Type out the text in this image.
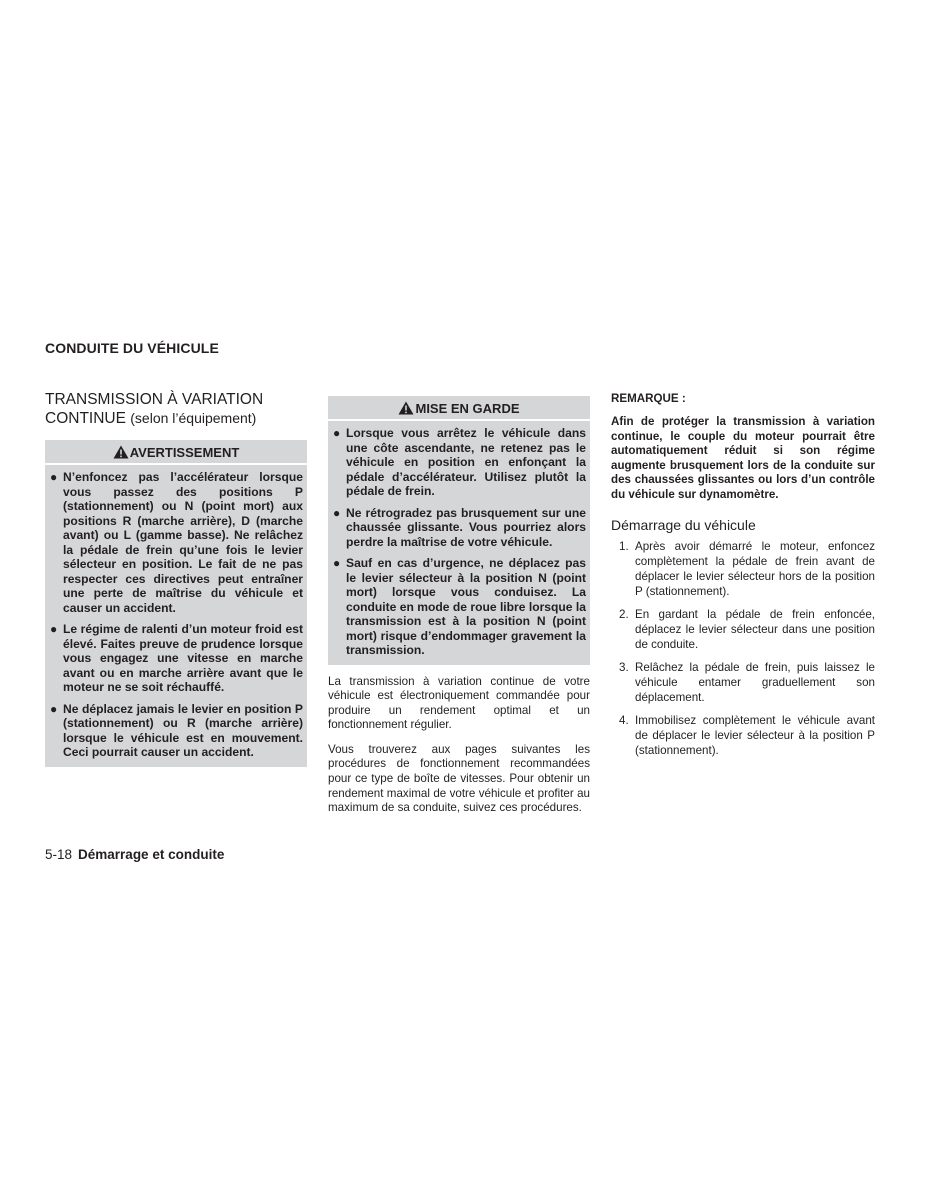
CONDUITE DU VÉHICULE
TRANSMISSION À VARIATION
CONTINUE (selon l’équipement)
AVERTISSEMENT
● N’enfoncez pas l’accélérateur lorsque vous passez des positions P (stationnement) ou N (point mort) aux positions R (marche arrière), D (marche avant) ou L (gamme basse). Ne relâchez la pédale de frein qu’une fois le levier sélecteur en position. Le fait de ne pas respecter ces directives peut entraîner une perte de maîtrise du véhicule et causer un accident.
● Le régime de ralenti d’un moteur froid est élevé. Faites preuve de prudence lorsque vous engagez une vitesse en marche avant ou en marche arrière avant que le moteur ne se soit réchauffé.
● Ne déplacez jamais le levier en position P (stationnement) ou R (marche arrière) lorsque le véhicule est en mouvement. Ceci pourrait causer un accident.
MISE EN GARDE
● Lorsque vous arrêtez le véhicule dans une côte ascendante, ne retenez pas le véhicule en position en enfonçant la pédale d’accélérateur. Utilisez plutôt la pédale de frein.
● Ne rétrogradez pas brusquement sur une chaussée glissante. Vous pourriez alors perdre la maîtrise de votre véhicule.
● Sauf en cas d’urgence, ne déplacez pas le levier sélecteur à la position N (point mort) lorsque vous conduisez. La conduite en mode de roue libre lorsque la transmission est à la position N (point mort) risque d’endommager gravement la transmission.

La transmission à variation continue de votre véhicule est électroniquement commandée pour produire un rendement optimal et un fonctionnement régulier.

Vous trouverez aux pages suivantes les procédures de fonctionnement recommandées pour ce type de boîte de vitesses. Pour obtenir un rendement maximal de votre véhicule et profiter au maximum de sa conduite, suivez ces procédures.

REMARQUE :

Afin de protéger la transmission à variation continue, le couple du moteur pourrait être automatiquement réduit si son régime augmente brusquement lors de la conduite sur des chaussées glissantes ou lors d’un contrôle du véhicule sur dynamomètre.

Démarrage du véhicule
1. Après avoir démarré le moteur, enfoncez complètement la pédale de frein avant de déplacer le levier sélecteur hors de la position P (stationnement).
2. En gardant la pédale de frein enfoncée, déplacez le levier sélecteur dans une position de conduite.
3. Relâchez la pédale de frein, puis laissez le véhicule entamer graduellement son déplacement.
4. Immobilisez complètement le véhicule avant de déplacer le levier sélecteur à la position P (stationnement).
5-18 Démarrage et conduite
